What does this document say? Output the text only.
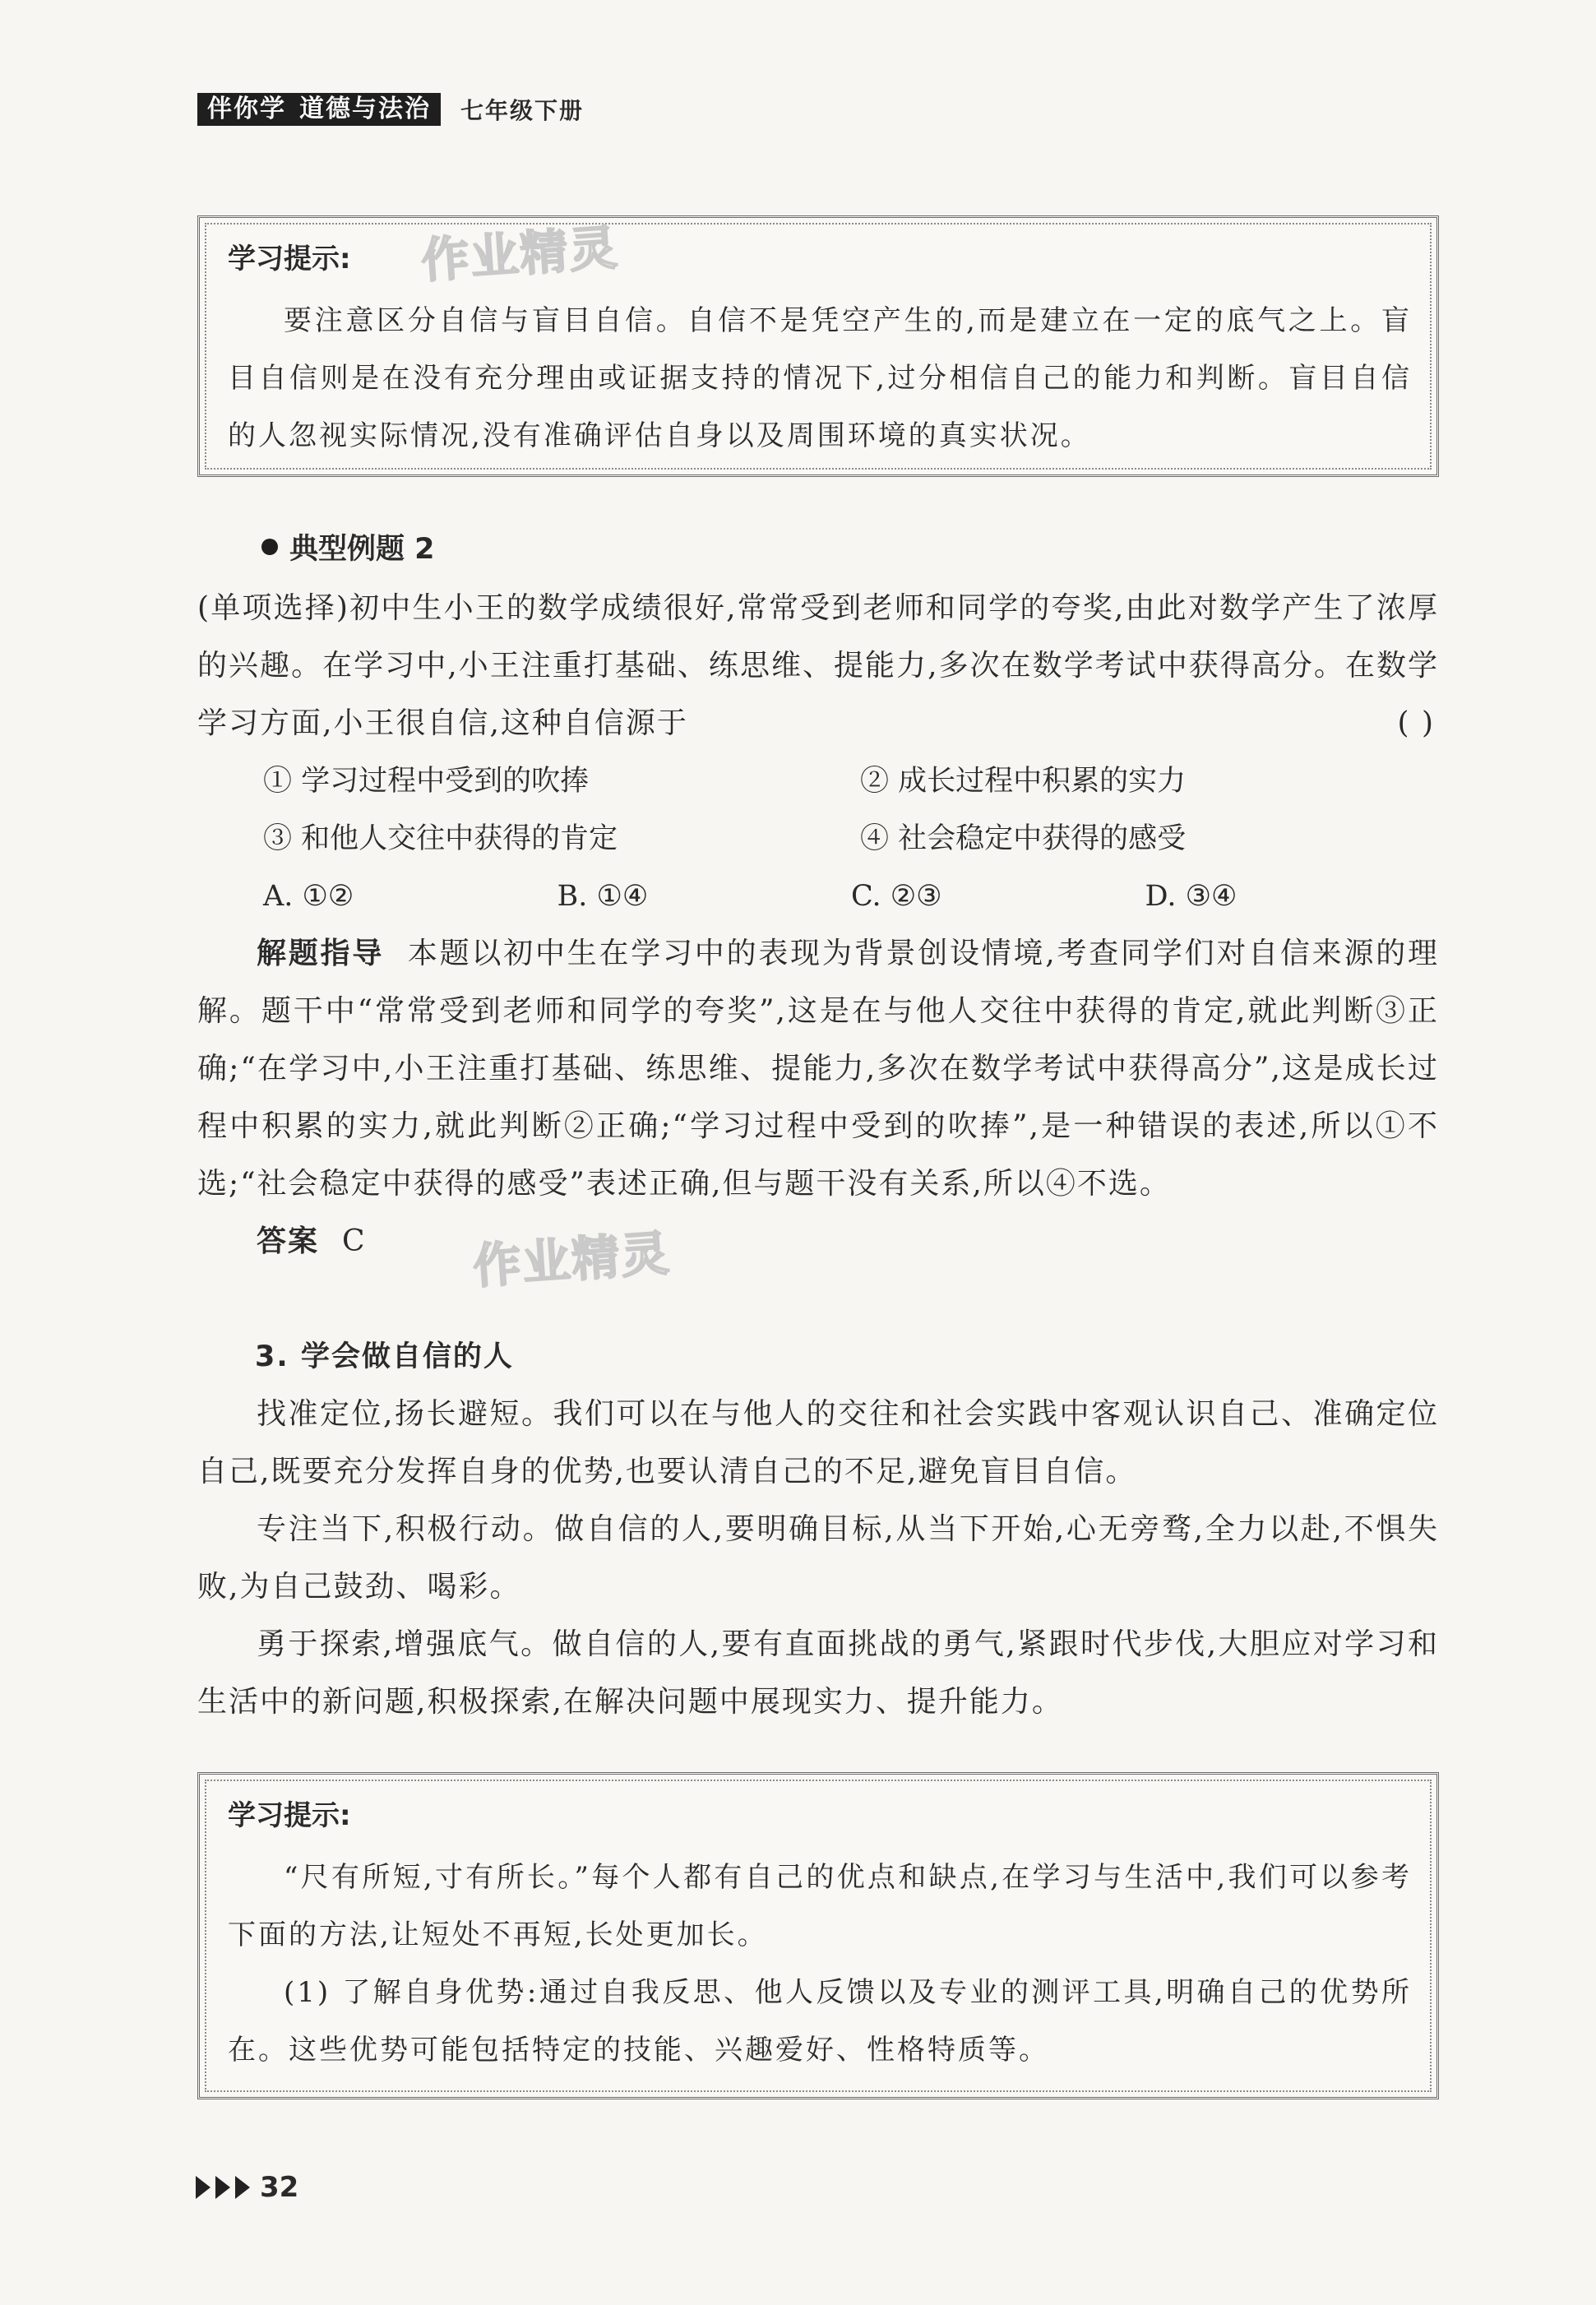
伴你学 道德与法治	七年级下册
学习提示:
要注意区分自信与盲目自信。自信不是凭空产生的,而是建立在一定的底气之上。盲目自信则是在没有充分理由或证据支持的情况下,过分相信自己的能力和判断。盲目自信的人忽视实际情况,没有准确评估自身以及周围环境的真实状况。
作业精灵
典型例题 2

(单项选择)初中生小王的数学成绩很好,常常受到老师和同学的夸奖,由此对数学产生了浓厚的兴趣。在学习中,小王注重打基础、练思维、提能力,多次在数学考试中获得高分。在数学学习方面,小王很自信,这种自信源于	( )
① 学习过程中受到的吹捧	② 成长过程中积累的实力
③ 和他人交往中获得的肯定	④ 社会稳定中获得的感受
A. ①②	B. ①④	C. ②③	D. ③④

解题指导 本题以初中生在学习中的表现为背景创设情境,考查同学们对自信来源的理解。题干中“常常受到老师和同学的夸奖”,这是在与他人交往中获得的肯定,就此判断③正确;“在学习中,小王注重打基础、练思维、提能力,多次在数学考试中获得高分”,这是成长过程中积累的实力,就此判断②正确;“学习过程中受到的吹捧”,是一种错误的表述,所以①不选;“社会稳定中获得的感受”表述正确,但与题干没有关系,所以④不选。

答案 C	作业精灵

3. 学会做自信的人

找准定位,扬长避短。我们可以在与他人的交往和社会实践中客观认识自己、准确定位自己,既要充分发挥自身的优势,也要认清自己的不足,避免盲目自信。

专注当下,积极行动。做自信的人,要明确目标,从当下开始,心无旁骛,全力以赴,不惧失败,为自己鼓劲、喝彩。

勇于探索,增强底气。做自信的人,要有直面挑战的勇气,紧跟时代步伐,大胆应对学习和生活中的新问题,积极探索,在解决问题中展现实力、提升能力。

学习提示:
“尺有所短,寸有所长。”每个人都有自己的优点和缺点,在学习与生活中,我们可以参考下面的方法,让短处不再短,长处更加长。
(1) 了解自身优势:通过自我反思、他人反馈以及专业的测评工具,明确自己的优势所在。这些优势可能包括特定的技能、兴趣爱好、性格特质等。
32
